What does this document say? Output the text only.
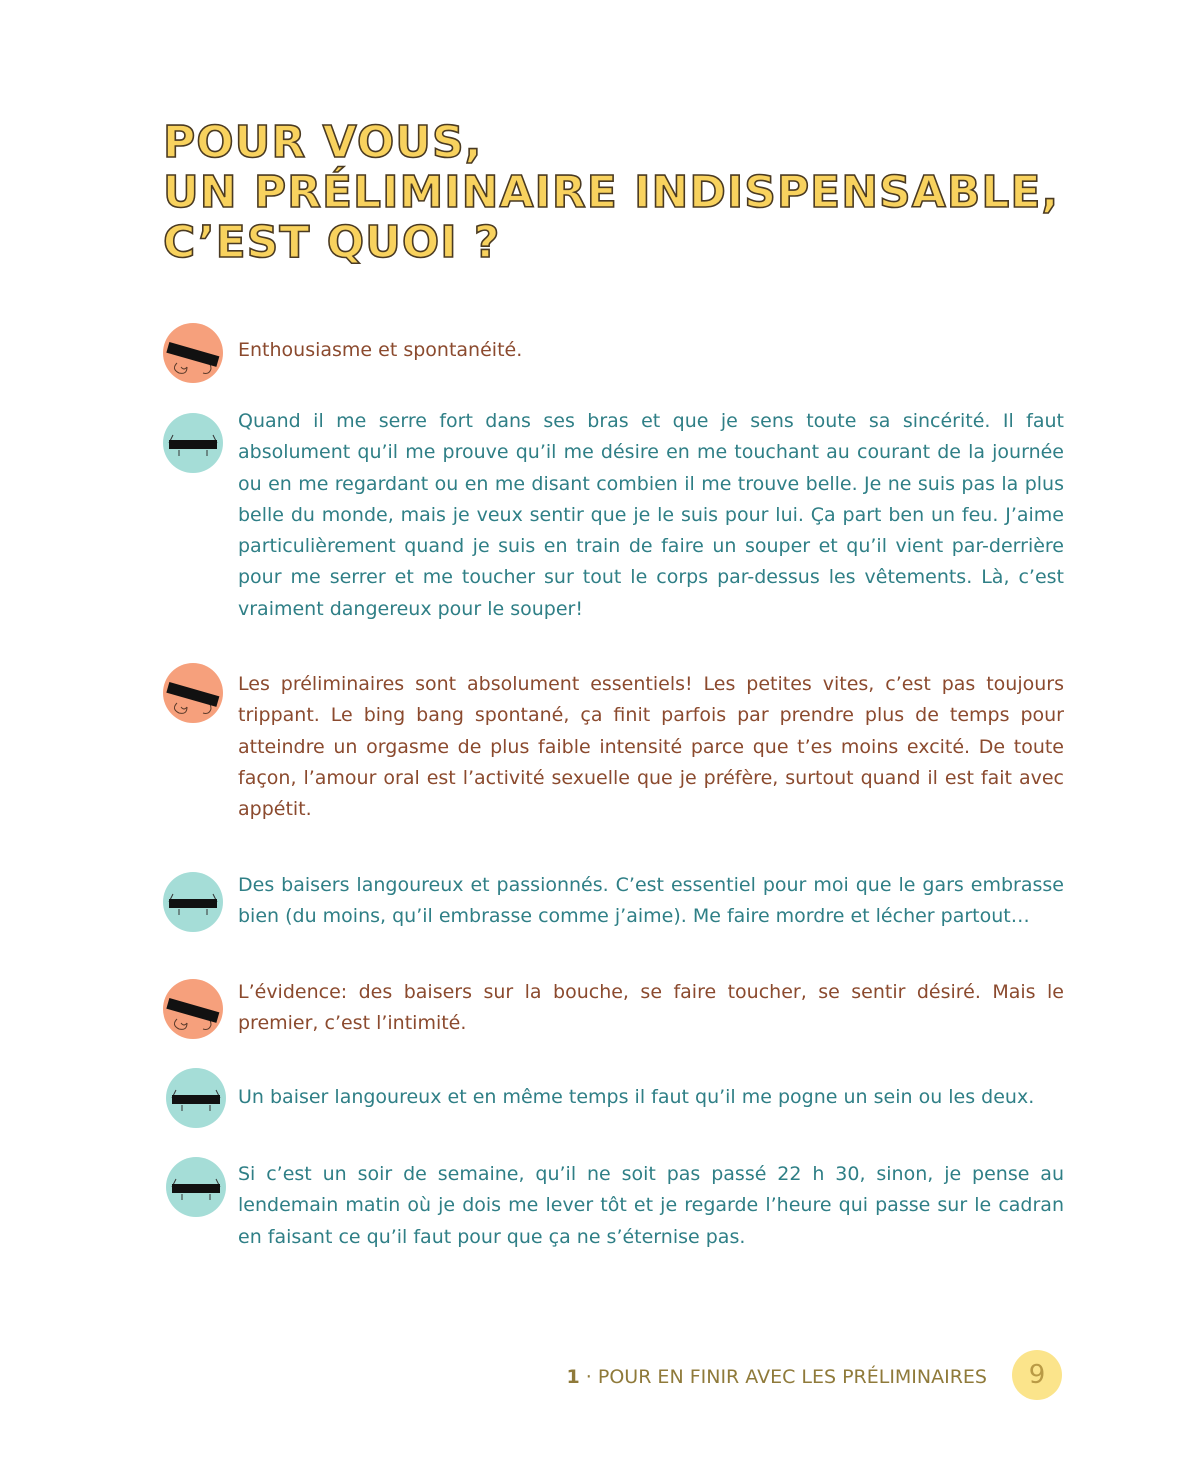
POUR VOUS,
UN PRÉLIMINAIRE INDISPENSABLE,
C’EST QUOI ?
Enthousiasme et spontanéité.
Quand il me serre fort dans ses bras et que je sens toute sa sincérité. Il faut absolument qu’il me prouve qu’il me désire en me touchant au courant de la journée ou en me regardant ou en me disant combien il me trouve belle. Je ne suis pas la plus belle du monde, mais je veux sentir que je le suis pour lui. Ça part ben un feu. J’aime particulièrement quand je suis en train de faire un souper et qu’il vient par-derrière pour me serrer et me toucher sur tout le corps par-dessus les vêtements. Là, c’est vraiment dangereux pour le souper!
Les préliminaires sont absolument essentiels! Les petites vites, c’est pas toujours trippant. Le bing bang spontané, ça finit parfois par prendre plus de temps pour atteindre un orgasme de plus faible intensité parce que t’es moins excité. De toute façon, l’amour oral est l’activité sexuelle que je préfère, surtout quand il est fait avec appétit.
Des baisers langoureux et passionnés. C’est essentiel pour moi que le gars embrasse bien (du moins, qu’il embrasse comme j’aime). Me faire mordre et lécher partout…
L’évidence: des baisers sur la bouche, se faire toucher, se sentir désiré. Mais le premier, c’est l’intimité.
Un baiser langoureux et en même temps il faut qu’il me pogne un sein ou les deux.
Si c’est un soir de semaine, qu’il ne soit pas passé 22 h 30, sinon, je pense au lendemain matin où je dois me lever tôt et je regarde l’heure qui passe sur le cadran en faisant ce qu’il faut pour que ça ne s’éternise pas.
1 · POUR EN FINIR AVEC LES PRÉLIMINAIRES	9
